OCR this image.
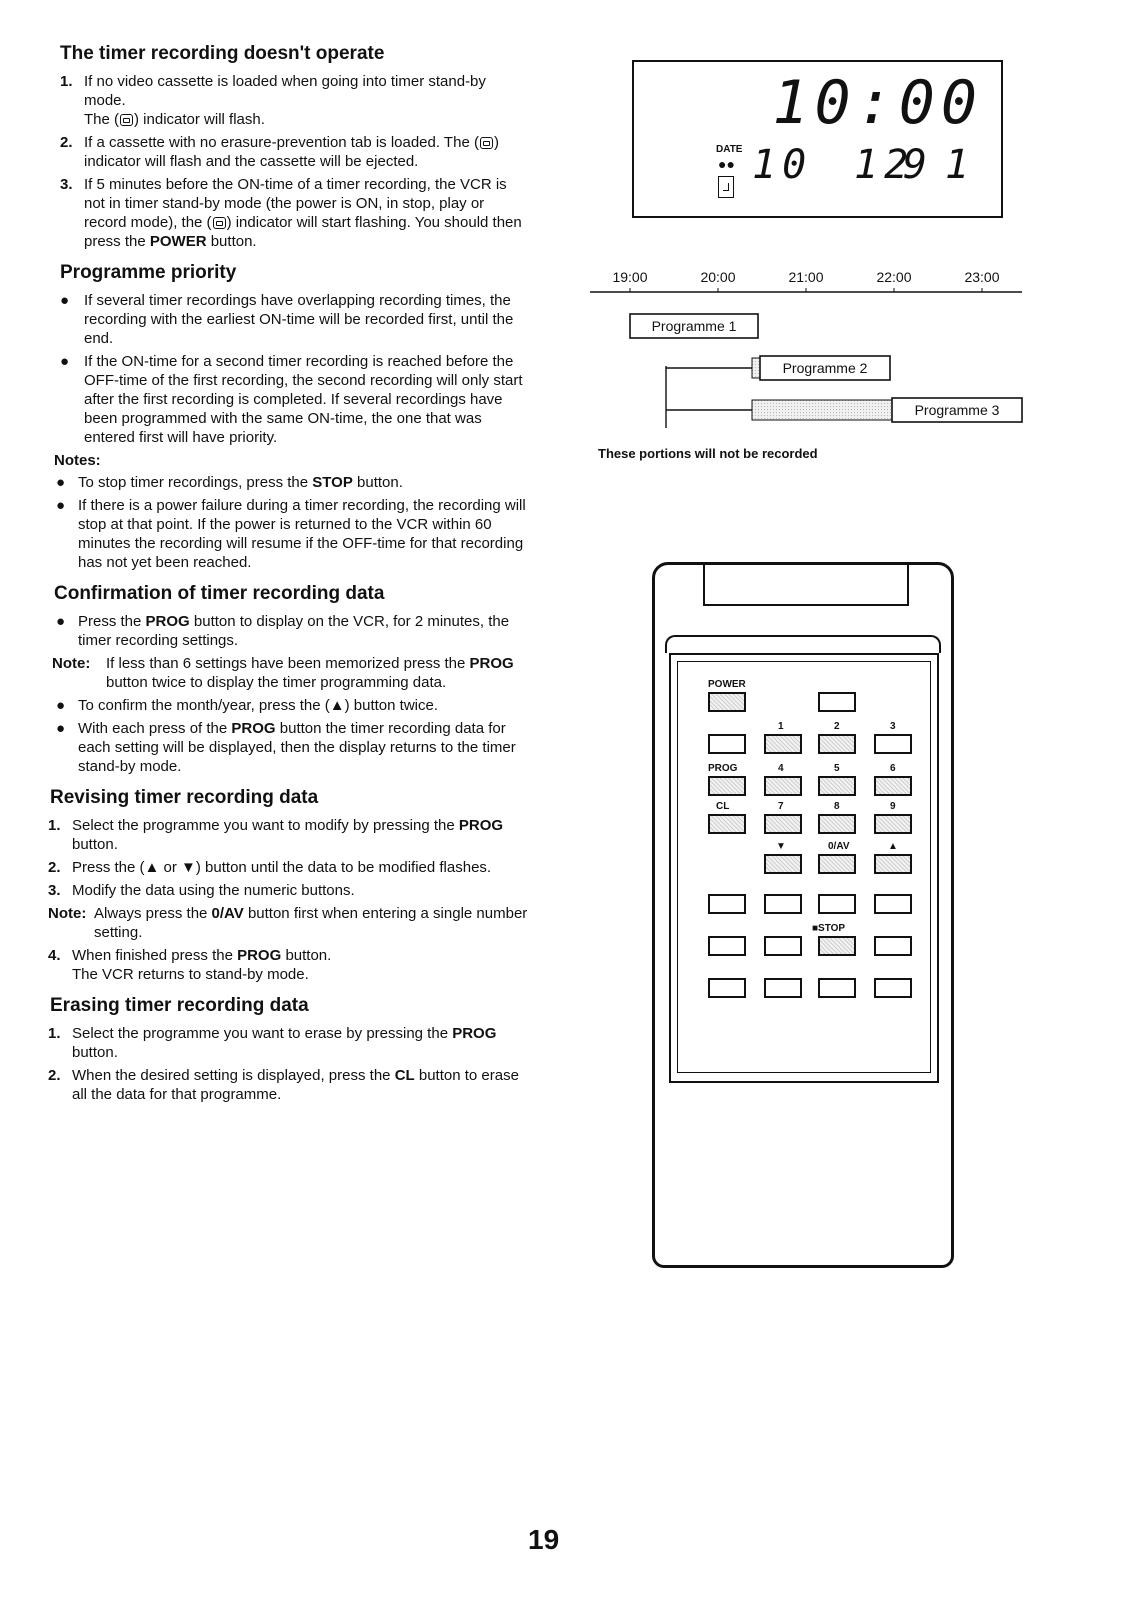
The timer recording doesn't operate
1. If no video cassette is loaded when going into timer stand-by mode.
The ( ) indicator will flash.
2. If a cassette with no erasure-prevention tab is loaded. The ( ) indicator will flash and the cassette will be ejected.
3. If 5 minutes before the ON-time of a timer recording, the VCR is not in timer stand-by mode (the power is ON, in stop, play or record mode), the ( ) indicator will start flashing. You should then press the POWER button.
Programme priority
● If several timer recordings have overlapping recording times, the recording with the earliest ON-time will be recorded first, until the end.
● If the ON-time for a second timer recording is reached before the OFF-time of the first recording, the second recording will only start after the first recording is completed. If several recordings have been programmed with the same ON-time, the one that was entered first will have priority.
Notes:
● To stop timer recordings, press the STOP button.
● If there is a power failure during a timer recording, the recording will stop at that point. If the power is returned to the VCR within 60 minutes the recording will resume if the OFF-time for that recording has not yet been reached.
Confirmation of timer recording data
● Press the PROG button to display on the VCR, for 2 minutes, the timer recording settings.
Note: If less than 6 settings have been memorized press the PROG button twice to display the timer programming data.
● To confirm the month/year, press the (▲) button twice.
● With each press of the PROG button the timer recording data for each setting will be displayed, then the display returns to the timer stand-by mode.
Revising timer recording data
1. Select the programme you want to modify by pressing the PROG button.
2. Press the (▲ or ▼) button until the data to be modified flashes.
3. Modify the data using the numeric buttons.
Note: Always press the 0/AV button first when entering a single number setting.
4. When finished press the PROG button.
The VCR returns to stand-by mode.
Erasing timer recording data
1. Select the programme you want to erase by pressing the PROG button.
2. When the desired setting is displayed, press the CL button to erase all the data for that programme.
10:00
DATE
●● 10 12
91
19:00	20:00	21:00	22:00	23:00
Programme 1
Programme 2
Programme 3
These portions will not be recorded
POWER
1	2	3
PROG	4	5	6
CL	7	8	9
▼	0/AV	▲
■STOP
19
